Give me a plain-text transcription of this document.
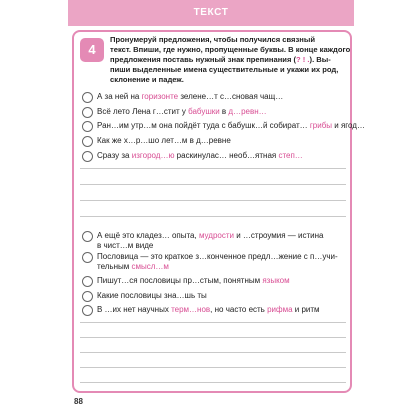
ТЕКСТ
4
Пронумеруй предложения, чтобы получился связный
текст. Впиши, где нужно, пропущенные буквы. В конце каждого
предложения поставь нужный знак препинания (? ! .). Вы-
пиши выделенные имена существительные и укажи их род,
склонение и падеж.
А за ней на горизонте зелене…т с…сновая чащ…
Всё лето Лена г…стит у бабушки в д…ревн…
Ран…им утр…м она пойдёт туда с бабушк…й собират… грибы и ягод…
Как же х…р…шо лет…м в д…ревне
Сразу за изгород…ю раскинулас… необ…ятная степ…
А ещё это кладез… опыта, мудрости и …строумия — истина
в чист…м виде
Пословица — это краткое з…конченное предл…жение с п…учи-
тельным смысл…м
Пишут…ся пословицы пр…стым, понятным языком
Какие пословицы зна…шь ты
В …их нет научных терм…нов, но часто есть рифма и ритм
88
